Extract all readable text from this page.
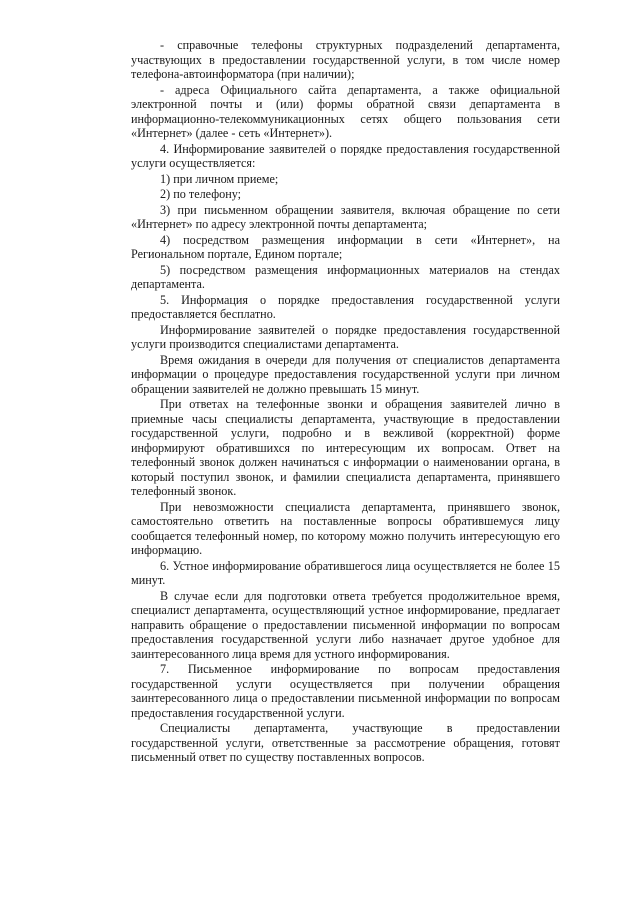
- справочные телефоны структурных подразделений департамента, участвующих в предоставлении государственной услуги, в том числе номер телефона-автоинформатора (при наличии);

- адреса Официального сайта департамента, а также официальной электронной почты и (или) формы обратной связи департамента в информационно-телекоммуникационных сетях общего пользования сети «Интернет» (далее - сеть «Интернет»).

4. Информирование заявителей о порядке предоставления государственной услуги осуществляется:

1) при личном приеме;

2) по телефону;

3) при письменном обращении заявителя, включая обращение по сети «Интернет» по адресу электронной почты департамента;

4) посредством размещения информации в сети «Интернет», на Региональном портале, Едином портале;

5) посредством размещения информационных материалов на стендах департамента.

5. Информация о порядке предоставления государственной услуги предоставляется бесплатно.

Информирование заявителей о порядке предоставления государственной услуги производится специалистами департамента.

Время ожидания в очереди для получения от специалистов департамента информации о процедуре предоставления государственной услуги при личном обращении заявителей не должно превышать 15 минут.

При ответах на телефонные звонки и обращения заявителей лично в приемные часы специалисты департамента, участвующие в предоставлении государственной услуги, подробно и в вежливой (корректной) форме информируют обратившихся по интересующим их вопросам. Ответ на телефонный звонок должен начинаться с информации о наименовании органа, в который поступил звонок, и фамилии специалиста департамента, принявшего телефонный звонок.

При невозможности специалиста департамента, принявшего звонок, самостоятельно ответить на поставленные вопросы обратившемуся лицу сообщается телефонный номер, по которому можно получить интересующую его информацию.

6. Устное информирование обратившегося лица осуществляется не более 15 минут.

В случае если для подготовки ответа требуется продолжительное время, специалист департамента, осуществляющий устное информирование, предлагает направить обращение о предоставлении письменной информации по вопросам предоставления государственной услуги либо назначает другое удобное для заинтересованного лица время для устного информирования.

7. Письменное информирование по вопросам предоставления государственной услуги осуществляется при получении обращения заинтересованного лица о предоставлении письменной информации по вопросам предоставления государственной услуги.

Специалисты департамента, участвующие в предоставлении государственной услуги, ответственные за рассмотрение обращения, готовят письменный ответ по существу поставленных вопросов.
